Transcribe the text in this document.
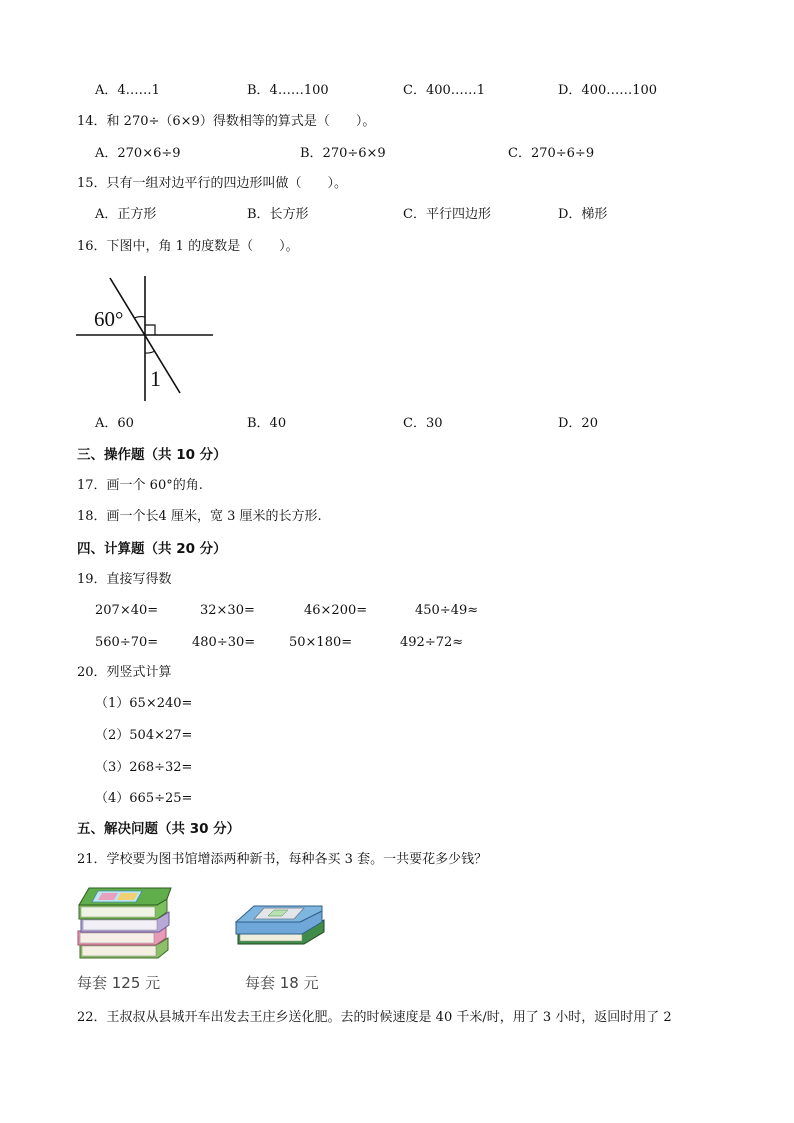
A．4……1	B．4……100	C．400……1	D．400……100
14．和 270÷（6×9）得数相等的算式是（　　）。
A．270×6÷9	B．270÷6×9	C．270÷6÷9
15．只有一组对边平行的四边形叫做（　　）。
A．正方形	B．长方形	C．平行四边形	D．梯形
16．下图中，角 1 的度数是（　　）。
60°
1
A．60	B．40	C．30	D．20
三、操作题（共 10 分）
17．画一个 60°的角.
18．画一个长4 厘米，宽 3 厘米的长方形.
四、计算题（共 20 分）
19．直接写得数
207×40=	32×30=	46×200=	450÷49≈
560÷70=	480÷30=	50×180=	492÷72≈
20．列竖式计算
（1）65×240=
（2）504×27=
（3）268÷32=
（4）665÷25=
五、解决问题（共 30 分）
21．学校要为图书馆增添两种新书，每种各买 3 套。一共要花多少钱？
每套 125 元	每套 18 元
22．王叔叔从县城开车出发去王庄乡送化肥。去的时候速度是 40 千米/时，用了 3 小时，返回时用了 2
